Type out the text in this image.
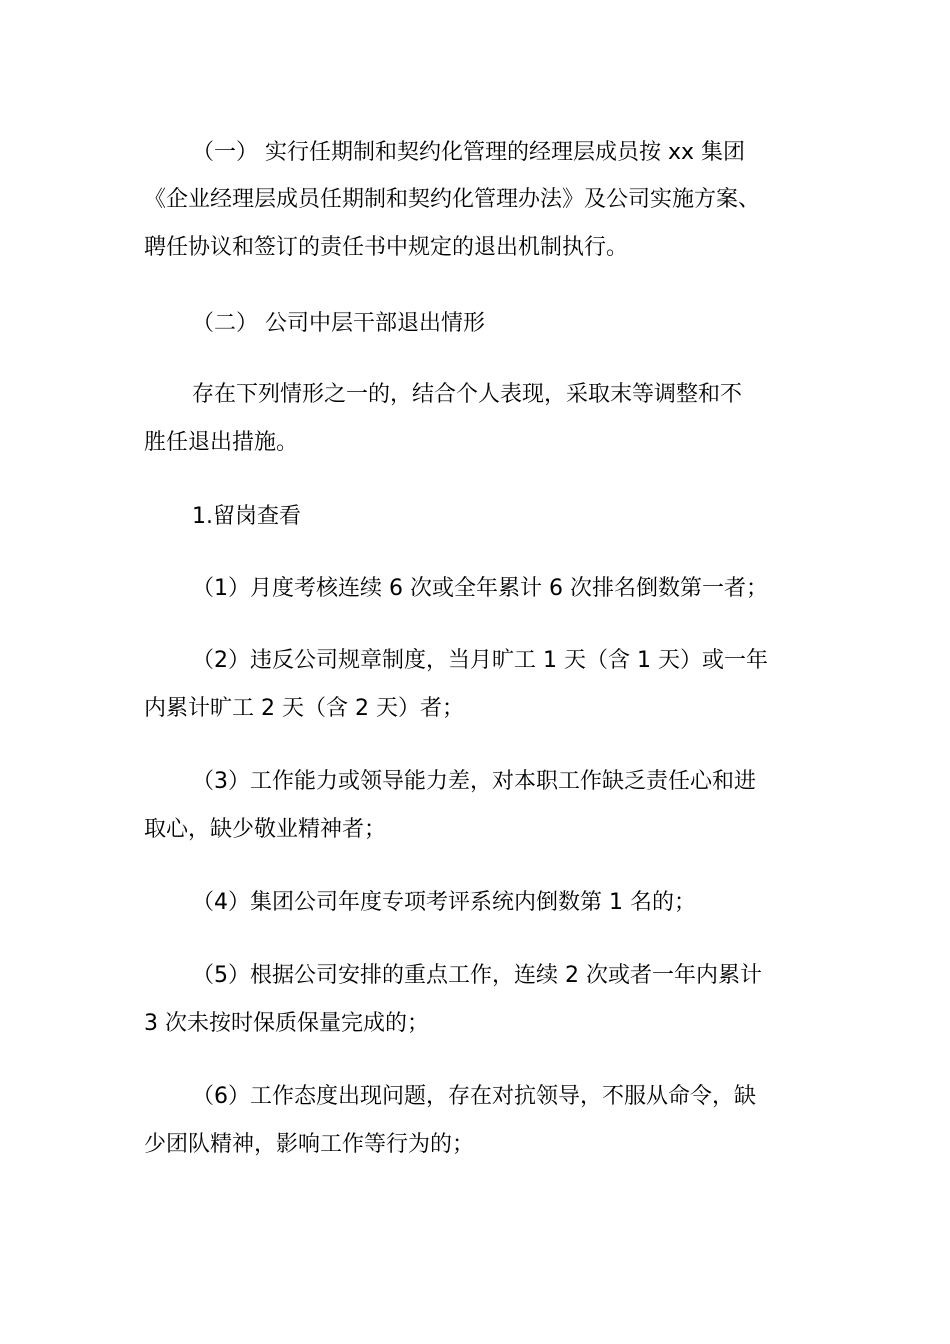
（一） 实行任期制和契约化管理的经理层成员按 xx 集团
《企业经理层成员任期制和契约化管理办法》及公司实施方案、
聘任协议和签订的责任书中规定的退出机制执行。
（二） 公司中层干部退出情形
存在下列情形之一的，结合个人表现，采取末等调整和不
胜任退出措施。
1.留岗查看
（1）月度考核连续 6 次或全年累计 6 次排名倒数第一者；
（2）违反公司规章制度，当月旷工 1 天（含 1 天）或一年
内累计旷工 2 天（含 2 天）者；
（3）工作能力或领导能力差，对本职工作缺乏责任心和进
取心，缺少敬业精神者；
（4）集团公司年度专项考评系统内倒数第 1 名的；
（5）根据公司安排的重点工作，连续 2 次或者一年内累计
3 次未按时保质保量完成的；
（6）工作态度出现问题，存在对抗领导，不服从命令，缺
少团队精神，影响工作等行为的；
